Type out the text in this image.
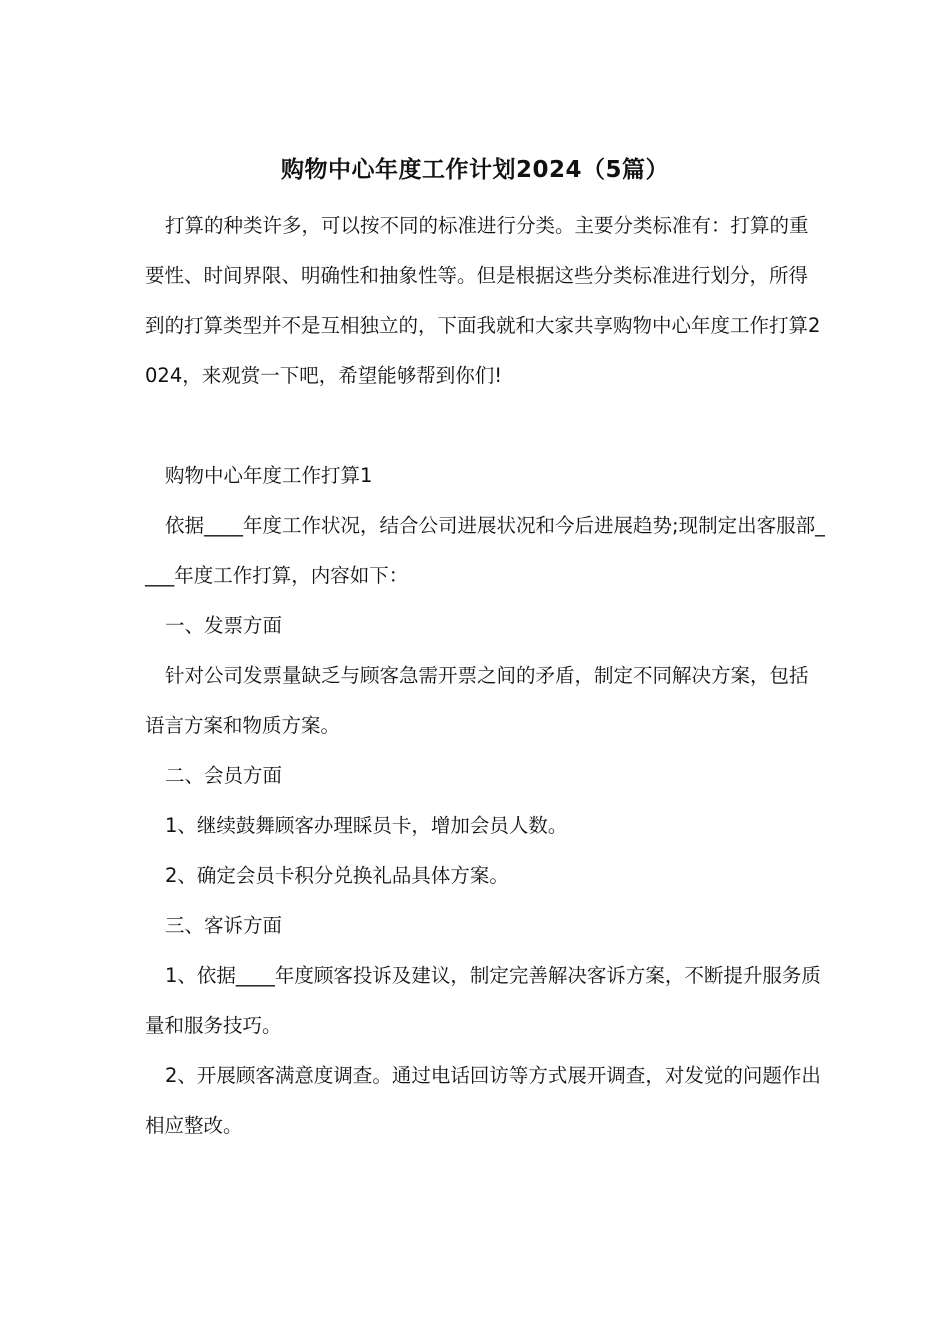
购物中心年度工作计划2024（5篇）

打算的种类许多，可以按不同的标准进行分类。主要分类标准有：打算的重要性、时间界限、明确性和抽象性等。但是根据这些分类标准进行划分，所得到的打算类型并不是互相独立的，下面我就和大家共享购物中心年度工作打算2024，来观赏一下吧，希望能够帮到你们!

购物中心年度工作打算1

依据____年度工作状况，结合公司进展状况和今后进展趋势;现制定出客服部____年度工作打算，内容如下：

一、发票方面

针对公司发票量缺乏与顾客急需开票之间的矛盾，制定不同解决方案，包括语言方案和物质方案。

二、会员方面

1、继续鼓舞顾客办理睬员卡，增加会员人数。

2、确定会员卡积分兑换礼品具体方案。

三、客诉方面

1、依据____年度顾客投诉及建议，制定完善解决客诉方案，不断提升服务质量和服务技巧。

2、开展顾客满意度调查。通过电话回访等方式展开调查，对发觉的问题作出相应整改。
